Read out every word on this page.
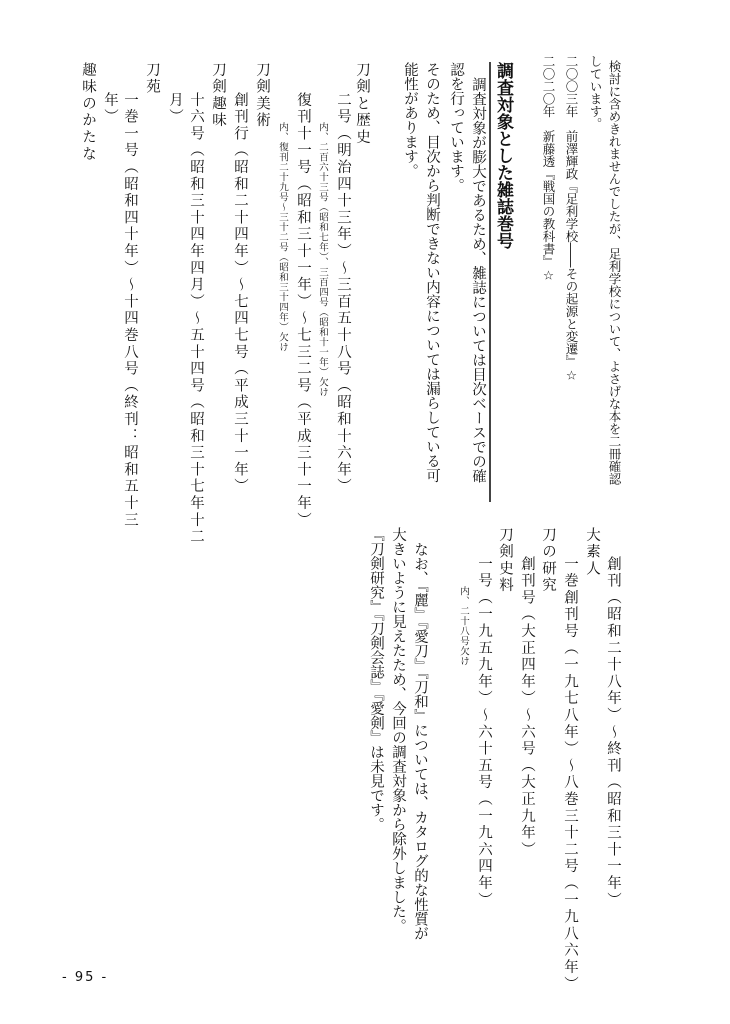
検討に含めきれませんでしたが、足利学校について、よさげな本を二冊確認
しています。
二〇〇三年　前澤輝政『足利学校――その起源と変遷』☆
二〇二〇年　新藤透『戦国の教科書』☆
調査対象とした雑誌巻号
調査対象が膨大であるため、雑誌については目次ベースでの確
認を行っています。
そのため、目次から判断できない内容については漏らしている可
能性があります。
刀剣と歴史
二号（明治四十三年）～三百五十八号（昭和十六年）
内、二百六十三号（昭和七年）、三百四号（昭和十一年）欠け
復刊十一号（昭和三十一年）～七三二号（平成三十一年）
内、復刊二十九号～三十二号（昭和三十四年）欠け
刀剣美術
創刊行（昭和二十四年）～七四七号（平成三十一年）
刀剣趣味
十六号（昭和三十四年四月）～五十四号（昭和三十七年十二
月）
刀苑
一巻一号（昭和四十年）～十四巻八号（終刊：昭和五十三
年）
趣味のかたな
創刊（昭和二十八年）～終刊（昭和三十一年）
大素人
一巻創刊号（一九七八年）～八巻三十二号（一九八六年）
刀の研究
創刊号（大正四年）～六号（大正九年）
刀剣史料
一号（一九五九年）～六十五号（一九六四年）
内、二十八号欠け
なお、『麗』『愛刀』『刀和』については、カタログ的な性質が
大きいように見えたため、今回の調査対象から除外しました。
『刀剣研究』『刀剣会誌』『愛剣』は未見です。
- 95 -
